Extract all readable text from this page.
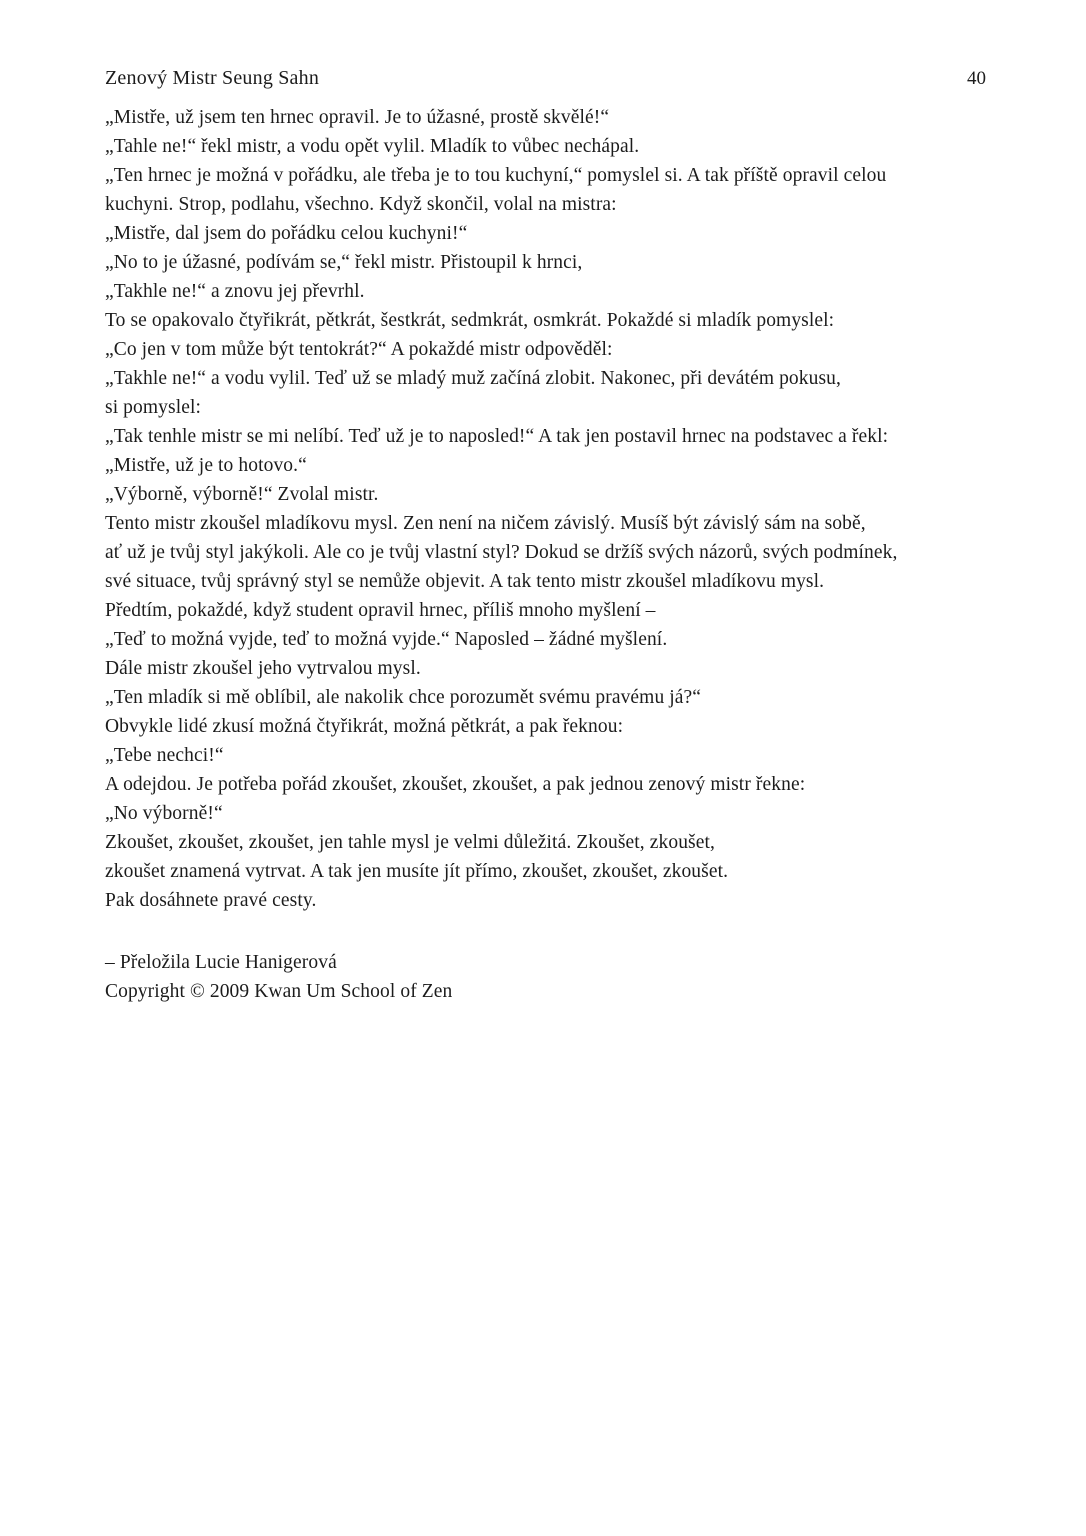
Zenový Mistr Seung Sahn	40
„Mistře, už jsem ten hrnec opravil. Je to úžasné, prostě skvělé!“
„Tahle ne!“ řekl mistr, a vodu opět vylil. Mladík to vůbec nechápal.
„Ten hrnec je možná v pořádku, ale třeba je to tou kuchyní,“ pomyslel si. A tak příště opravil celou
kuchyni. Strop, podlahu, všechno. Když skončil, volal na mistra:
„Mistře, dal jsem do pořádku celou kuchyni!“
„No to je úžasné, podívám se,“ řekl mistr. Přistoupil k hrnci,
„Takhle ne!“ a znovu jej převrhl.
To se opakovalo čtyřikrát, pětkrát, šestkrát, sedmkrát, osmkrát. Pokaždé si mladík pomyslel:
„Co jen v tom může být tentokrát?“ A pokaždé mistr odpověděl:
„Takhle ne!“ a vodu vylil. Teď už se mladý muž začíná zlobit. Nakonec, při devátém pokusu,
si pomyslel:
„Tak tenhle mistr se mi nelíbí. Teď už je to naposled!“ A tak jen postavil hrnec na podstavec a řekl:
„Mistře, už je to hotovo.“
„Výborně, výborně!“ Zvolal mistr.
Tento mistr zkoušel mladíkovu mysl. Zen není na ničem závislý. Musíš být závislý sám na sobě,
ať už je tvůj styl jakýkoli. Ale co je tvůj vlastní styl? Dokud se držíš svých názorů, svých podmínek,
své situace, tvůj správný styl se nemůže objevit. A tak tento mistr zkoušel mladíkovu mysl.
Předtím, pokaždé, když student opravil hrnec, příliš mnoho myšlení –
„Teď to možná vyjde, teď to možná vyjde.“ Naposled – žádné myšlení.
Dále mistr zkoušel jeho vytrvalou mysl.
„Ten mladík si mě oblíbil, ale nakolik chce porozumět svému pravému já?“
Obvykle lidé zkusí možná čtyřikrát, možná pětkrát, a pak řeknou:
„Tebe nechci!“
A odejdou. Je potřeba pořád zkoušet, zkoušet, zkoušet, a pak jednou zenový mistr řekne:
„No výborně!“
Zkoušet, zkoušet, zkoušet, jen tahle mysl je velmi důležitá. Zkoušet, zkoušet,
zkoušet znamená vytrvat. A tak jen musíte jít přímo, zkoušet, zkoušet, zkoušet.
Pak dosáhnete pravé cesty.
– Přeložila Lucie Hanigerová
Copyright © 2009 Kwan Um School of Zen
